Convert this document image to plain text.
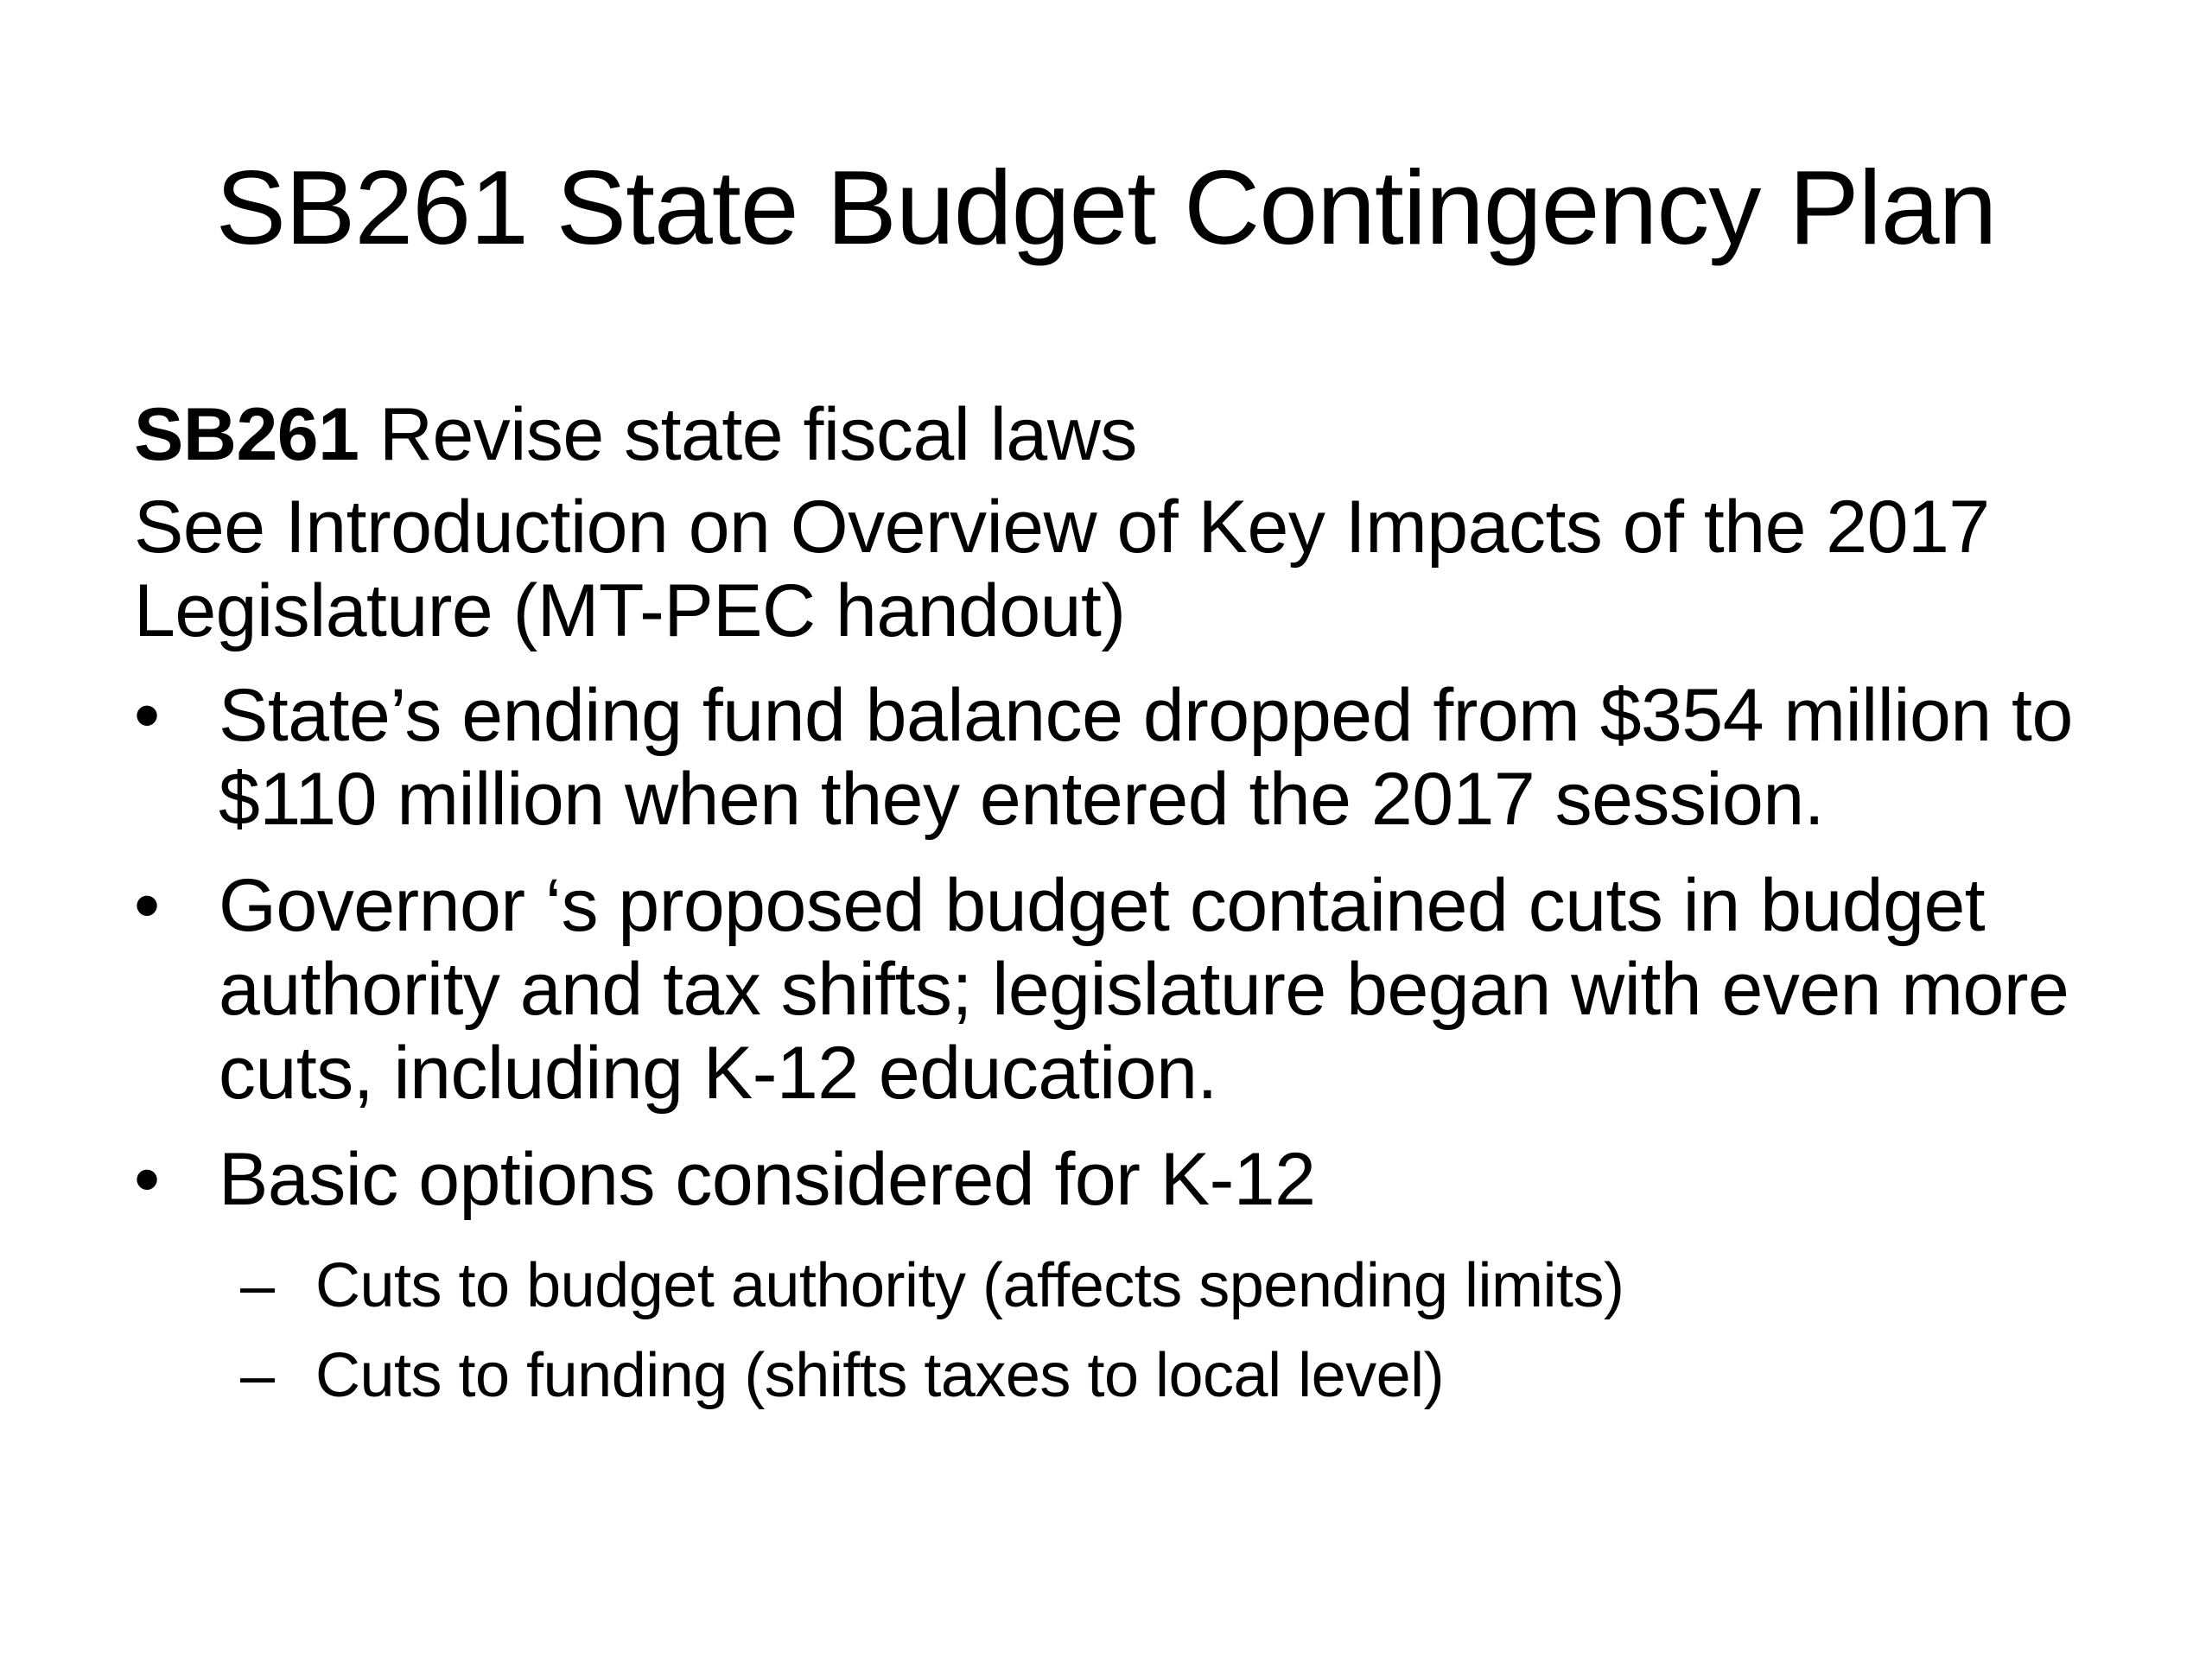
SB261 State Budget Contingency Plan

SB261 Revise state fiscal laws

See Introduction on Overview of Key Impacts of the 2017 Legislature (MT-PEC handout)

• State’s ending fund balance dropped from $354 million to $110 million when they entered the 2017 session.
• Governor ‘s proposed budget contained cuts in budget authority and tax shifts; legislature began with even more cuts, including K-12 education.
• Basic options considered for K-12
– Cuts to budget authority (affects spending limits)
– Cuts to funding (shifts taxes to local level)
